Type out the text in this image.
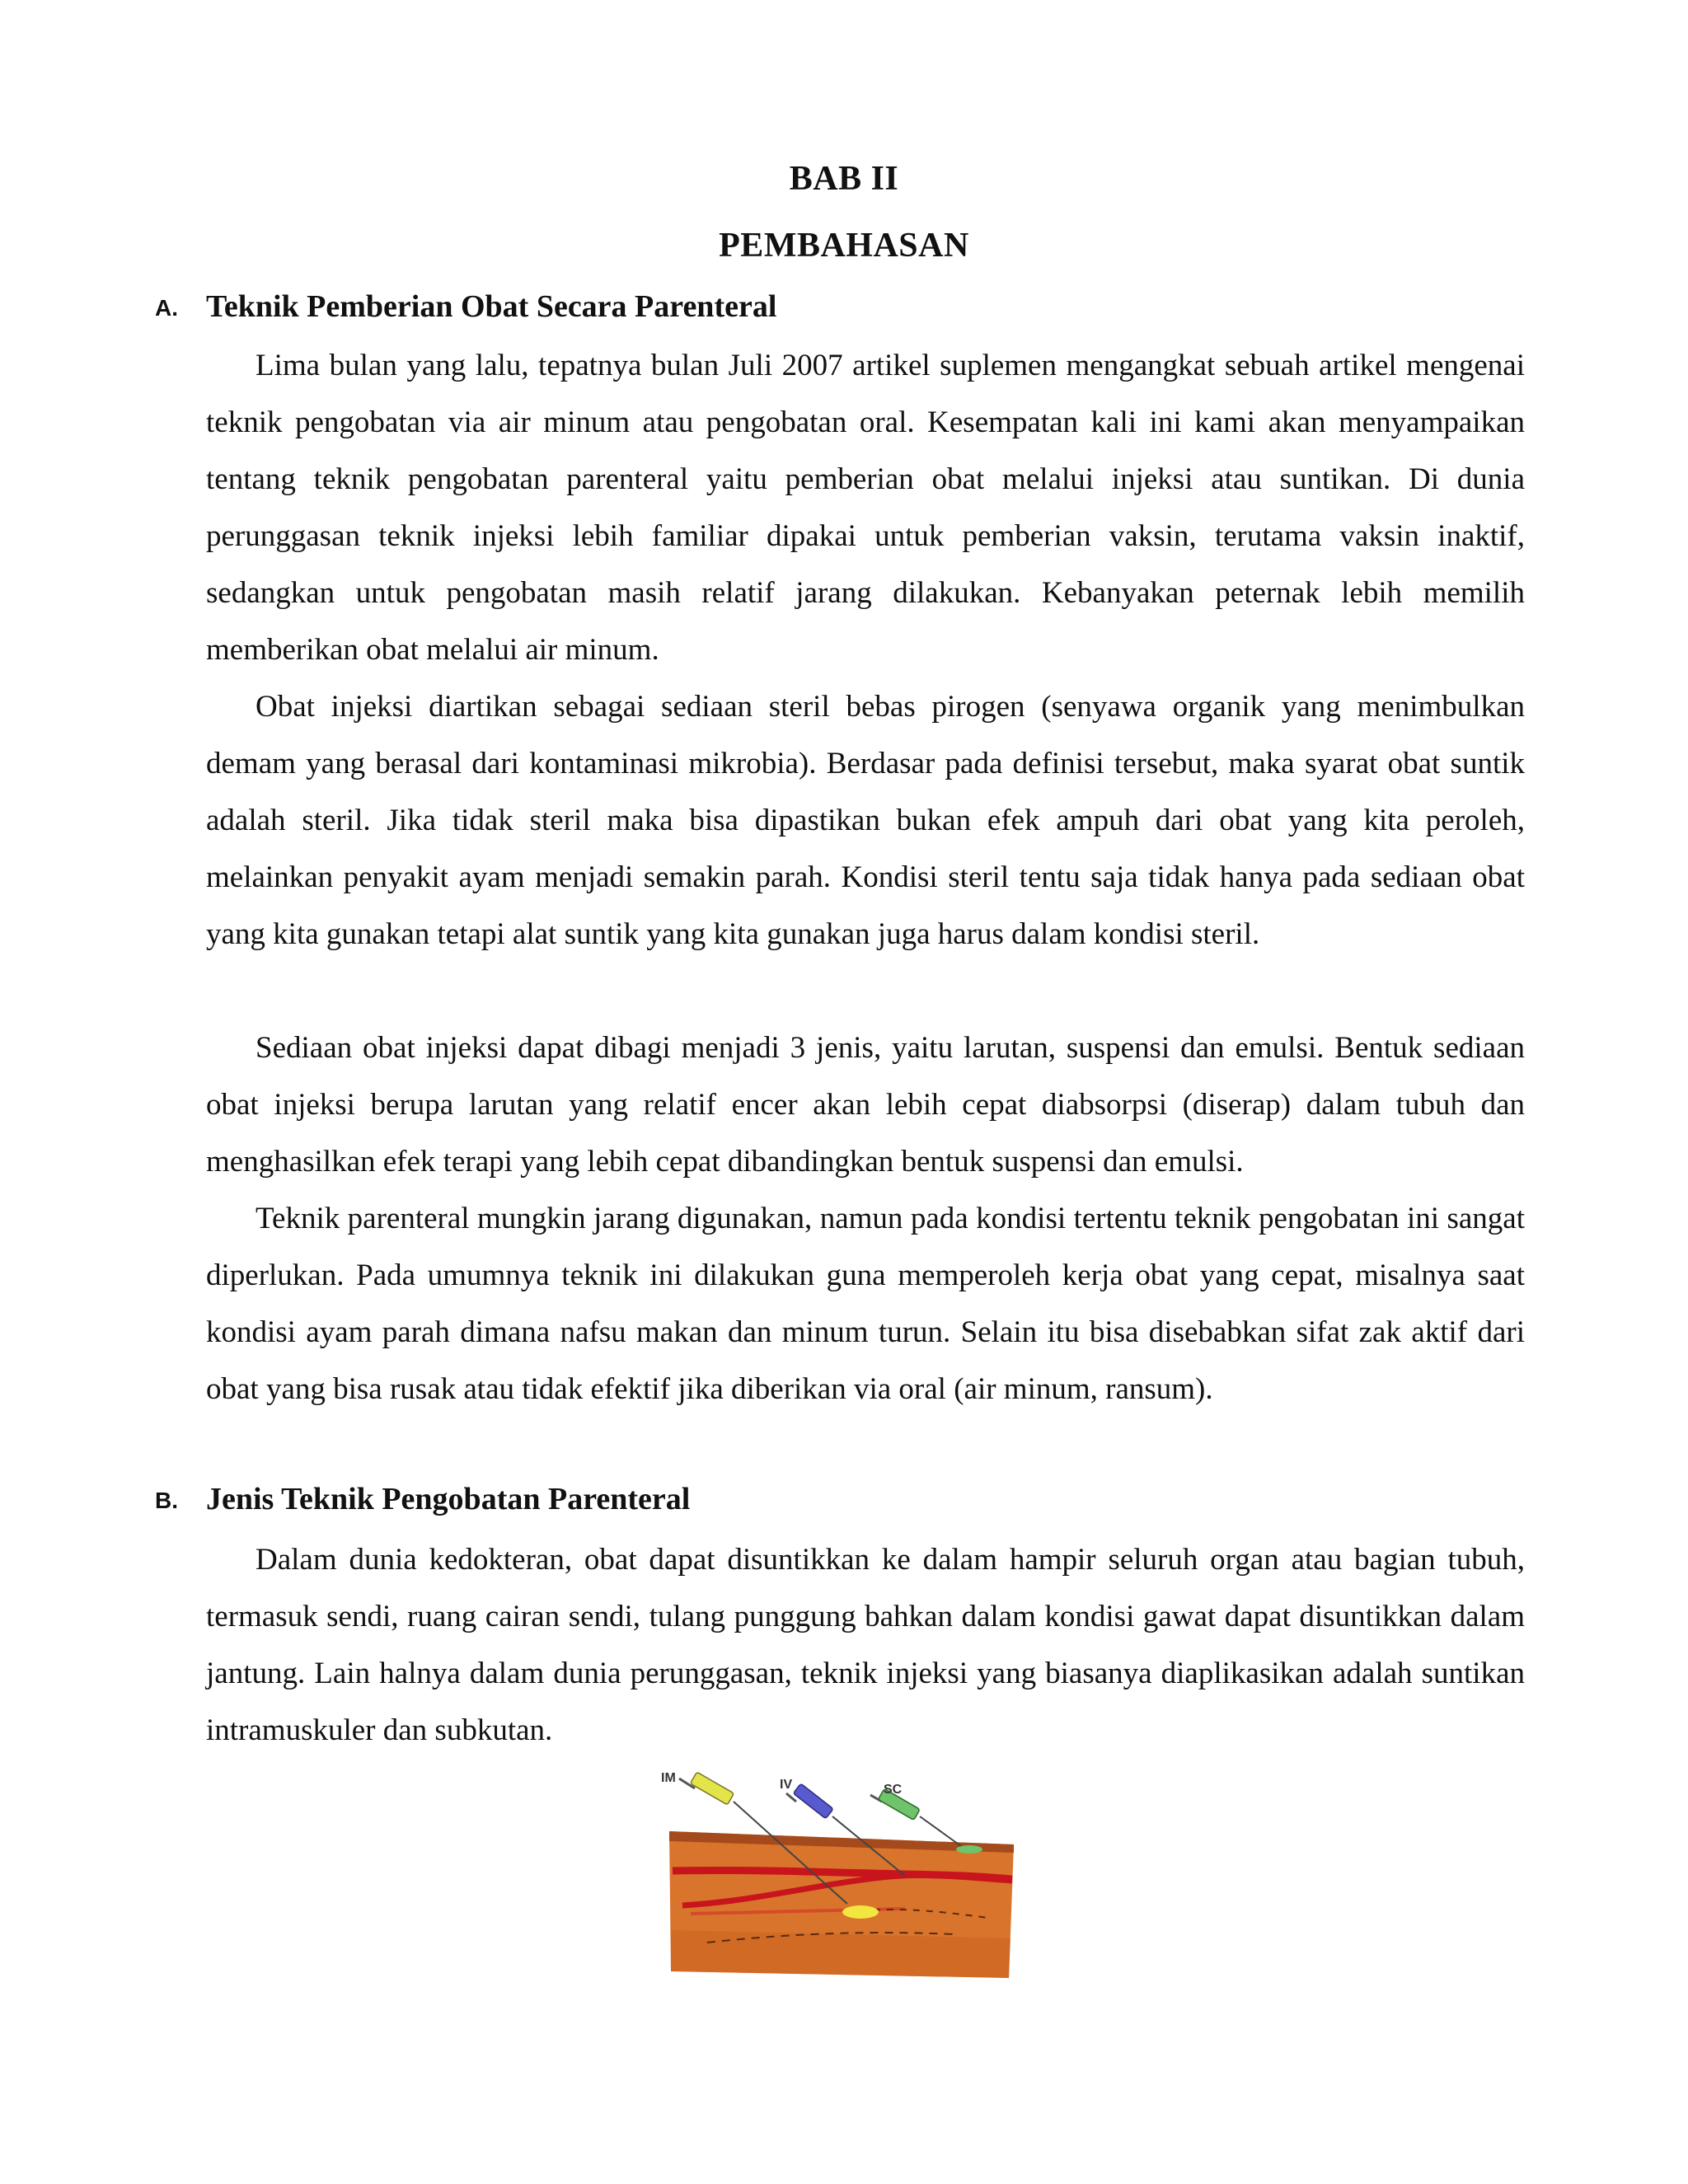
BAB II
PEMBAHASAN
A. Teknik Pemberian Obat Secara Parenteral

Lima bulan yang lalu, tepatnya bulan Juli 2007 artikel suplemen mengangkat sebuah artikel mengenai teknik pengobatan via air minum atau pengobatan oral. Kesempatan kali ini kami akan menyampaikan tentang teknik pengobatan parenteral yaitu pemberian obat melalui injeksi atau suntikan. Di dunia perunggasan teknik injeksi lebih familiar dipakai untuk pemberian vaksin, terutama vaksin inaktif, sedangkan untuk pengobatan masih relatif jarang dilakukan. Kebanyakan peternak lebih memilih memberikan obat melalui air minum.

Obat injeksi diartikan sebagai sediaan steril bebas pirogen (senyawa organik yang menimbulkan demam yang berasal dari kontaminasi mikrobia). Berdasar pada definisi tersebut, maka syarat obat suntik adalah steril. Jika tidak steril maka bisa dipastikan bukan efek ampuh dari obat yang kita peroleh, melainkan penyakit ayam menjadi semakin parah. Kondisi steril tentu saja tidak hanya pada sediaan obat yang kita gunakan tetapi alat suntik yang kita gunakan juga harus dalam kondisi steril.

Sediaan obat injeksi dapat dibagi menjadi 3 jenis, yaitu larutan, suspensi dan emulsi. Bentuk sediaan obat injeksi berupa larutan yang relatif encer akan lebih cepat diabsorpsi (diserap) dalam tubuh dan menghasilkan efek terapi yang lebih cepat dibandingkan bentuk suspensi dan emulsi.

Teknik parenteral mungkin jarang digunakan, namun pada kondisi tertentu teknik pengobatan ini sangat diperlukan. Pada umumnya teknik ini dilakukan guna memperoleh kerja obat yang cepat, misalnya saat kondisi ayam parah dimana nafsu makan dan minum turun. Selain itu bisa disebabkan sifat zak aktif dari obat yang bisa rusak atau tidak efektif jika diberikan via oral (air minum, ransum).

B. Jenis Teknik Pengobatan Parenteral

Dalam dunia kedokteran, obat dapat disuntikkan ke dalam hampir seluruh organ atau bagian tubuh, termasuk sendi, ruang cairan sendi, tulang punggung bahkan dalam kondisi gawat dapat disuntikkan dalam jantung. Lain halnya dalam dunia perunggasan, teknik injeksi yang biasanya diaplikasikan adalah suntikan intramuskuler dan subkutan.

IM	IV	SC
